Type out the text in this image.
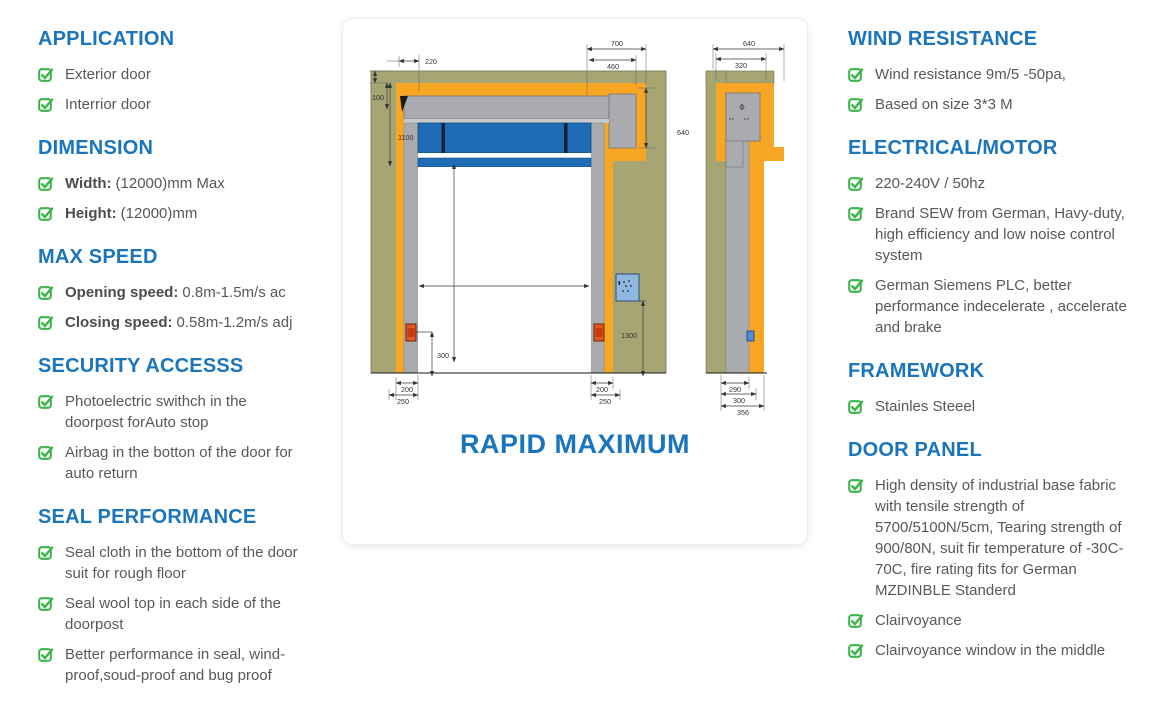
APPLICATION
Exterior door
Interrior door
DIMENSION
Width: (12000)mm Max
Height: (12000)mm
MAX SPEED
Opening speed: 0.8m-1.5m/s ac
Closing speed: 0.58m-1.2m/s adj
SECURITY ACCESSS
Photoelectric swithch in the doorpost forAuto stop
Airbag in the botton of the door for auto return
SEAL PERFORMANCE
Seal cloth in the bottom of the door suit for rough floor
Seal wool top in each side of the doorpost
Better performance in seal, wind-proof,soud-proof and bug proof
220
700
460
100
1100
640
300
1300
200
250
200
250
290
300
356
640
320
RAPID MAXIMUM
WIND RESISTANCE
Wind resistance 9m/5 -50pa,
Based on size 3*3 M
ELECTRICAL/MOTOR
220-240V / 50hz
Brand SEW from German, Havy-duty, high efficiency and low noise control system
German Siemens PLC, better performance indecelerate , accelerate and brake
FRAMEWORK
Stainles Steeel
DOOR PANEL
High density of industrial base fabric with tensile strength of 5700/5100N/5cm, Tearing strength of 900/80N, suit fir temperature of -30C-70C, fire rating fits for German MZDINBLE Standerd
Clairvoyance
Clairvoyance window in the middle
